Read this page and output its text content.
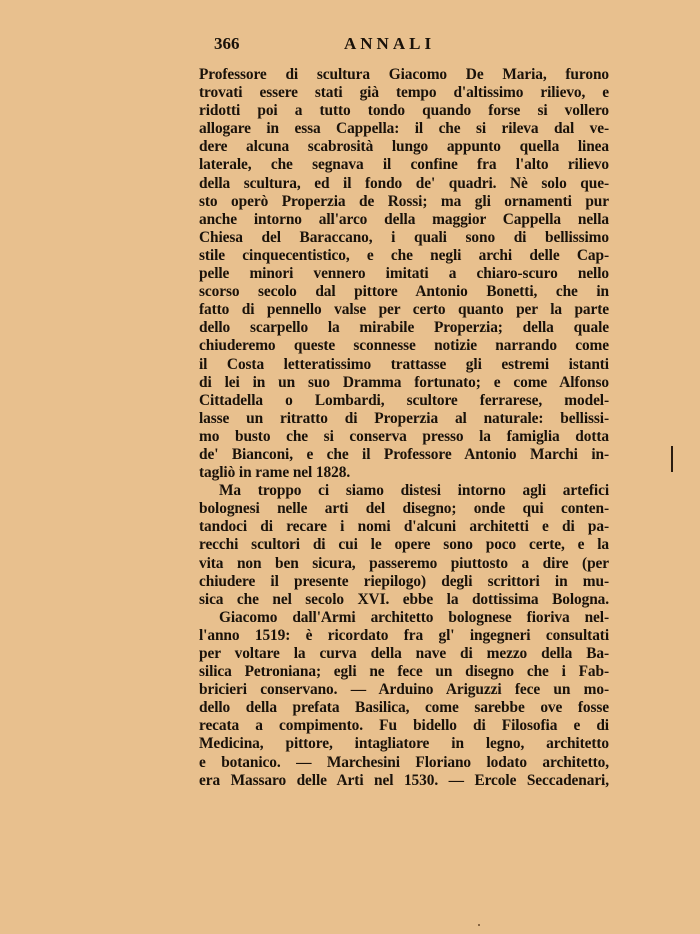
366	ANNALI
Professore di scultura Giacomo De Maria, furono
trovati essere stati già tempo d'altissimo rilievo, e
ridotti poi a tutto tondo quando forse si vollero
allogare in essa Cappella: il che si rileva dal ve-
dere alcuna scabrosità lungo appunto quella linea
laterale, che segnava il confine fra l'alto rilievo
della scultura, ed il fondo de' quadri. Nè solo que-
sto operò Properzia de Rossi; ma gli ornamenti pur
anche intorno all'arco della maggior Cappella nella
Chiesa del Baraccano, i quali sono di bellissimo
stile cinquecentistico, e che negli archi delle Cap-
pelle minori vennero imitati a chiaro-scuro nello
scorso secolo dal pittore Antonio Bonetti, che in
fatto di pennello valse per certo quanto per la parte
dello scarpello la mirabile Properzia; della quale
chiuderemo queste sconnesse notizie narrando come
il Costa letteratissimo trattasse gli estremi istanti
di lei in un suo Dramma fortunato; e come Alfonso
Cittadella o Lombardi, scultore ferrarese, model-
lasse un ritratto di Properzia al naturale: bellissi-
mo busto che si conserva presso la famiglia dotta
de' Bianconi, e che il Professore Antonio Marchi in-
tagliò in rame nel 1828.
Ma troppo ci siamo distesi intorno agli artefici
bolognesi nelle arti del disegno; onde qui conten-
tandoci di recare i nomi d'alcuni architetti e di pa-
recchi scultori di cui le opere sono poco certe, e la
vita non ben sicura, passeremo piuttosto a dire (per
chiudere il presente riepilogo) degli scrittori in mu-
sica che nel secolo XVI. ebbe la dottissima Bologna.
Giacomo dall'Armi architetto bolognese fioriva nel-
l'anno 1519: è ricordato fra gl' ingegneri consultati
per voltare la curva della nave di mezzo della Ba-
silica Petroniana; egli ne fece un disegno che i Fab-
bricieri conservano. — Arduino Ariguzzi fece un mo-
dello della prefata Basilica, come sarebbe ove fosse
recata a compimento. Fu bidello di Filosofia e di
Medicina, pittore, intagliatore in legno, architetto
e botanico. — Marchesini Floriano lodato architetto,
era Massaro delle Arti nel 1530. — Ercole Seccadenari,
